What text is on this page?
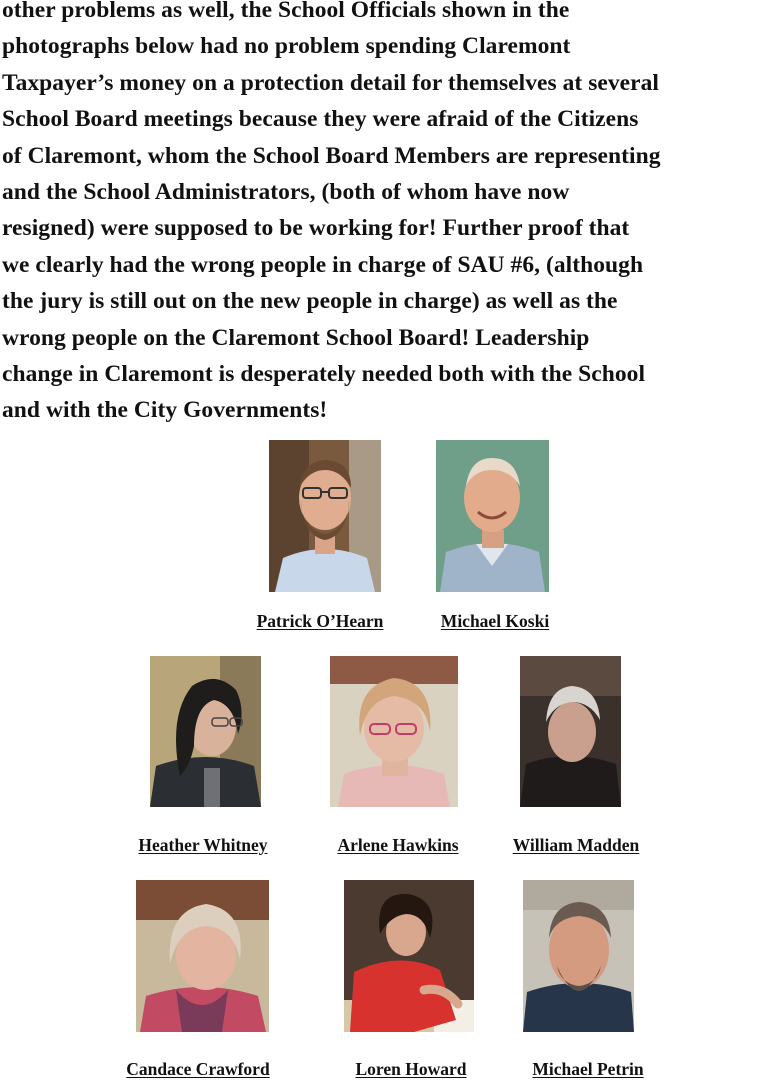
other problems as well, the School Officials shown in the
photographs below had no problem spending Claremont
Taxpayer’s money on a protection detail for themselves at several
School Board meetings because they were afraid of the Citizens
of Claremont, whom the School Board Members are representing
and the School Administrators, (both of whom have now
resigned) were supposed to be working for! Further proof that
we clearly had the wrong people in charge of SAU #6, (although
the jury is still out on the new people in charge) as well as the
wrong people on the Claremont School Board! Leadership
change in Claremont is desperately needed both with the School
and with the City Governments!
Patrick O’Hearn	Michael Koski
Heather Whitney	Arlene Hawkins	William Madden
Candace Crawford	Loren Howard	Michael Petrin
